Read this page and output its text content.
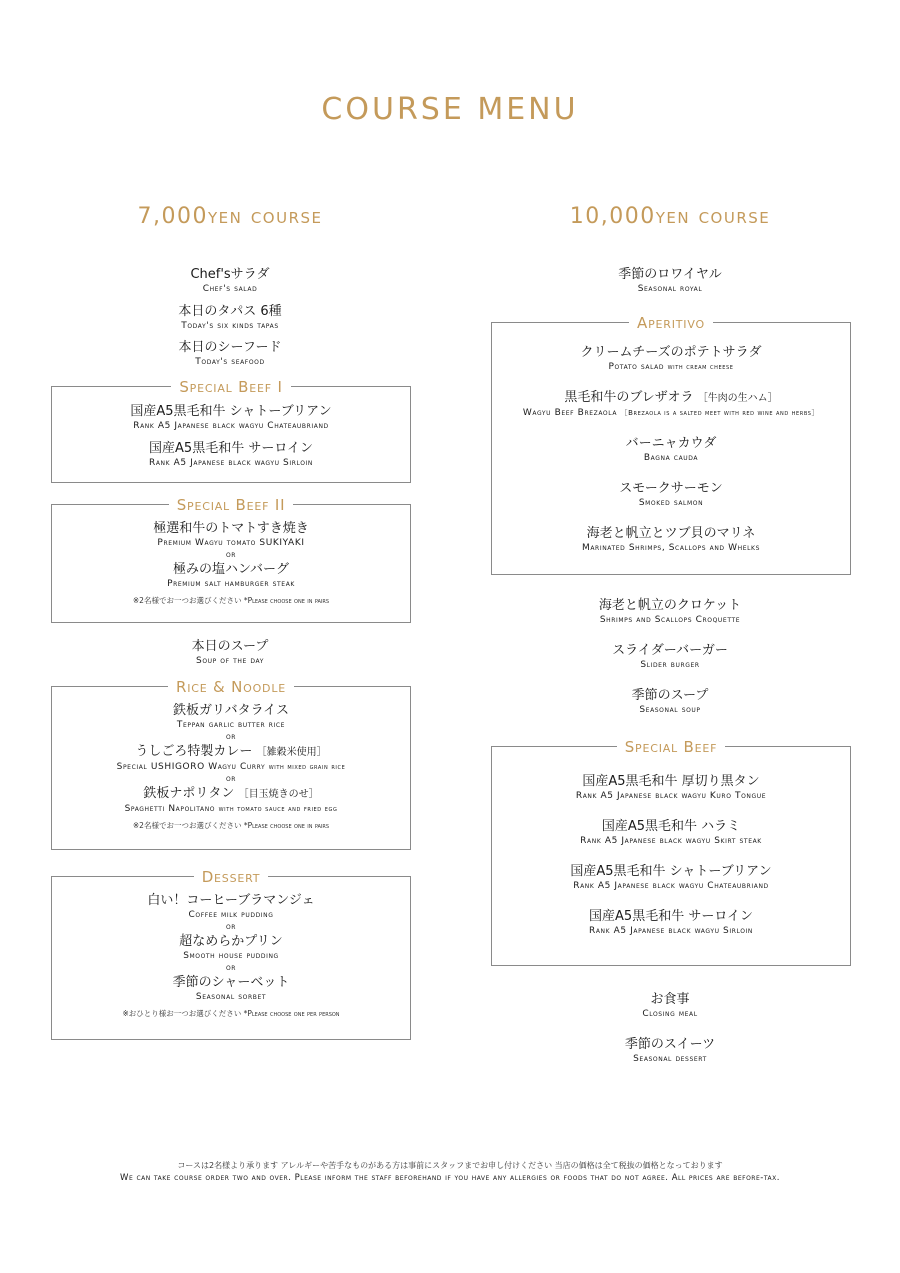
COURSE MENU
7,000yen course
Chef'sサラダ
Chef's salad
本日のタパス 6種
Today's six kinds tapas
本日のシーフード
Today's seafood
Special Beef I
国産A5黒毛和牛 シャトーブリアン
Rank A5 Japanese black wagyu Chateaubriand
国産A5黒毛和牛 サーロイン
Rank A5 Japanese black wagyu Sirloin
Special Beef II
極選和牛のトマトすき焼き
Premium Wagyu tomato SUKIYAKI
or
極みの塩ハンバーグ
Premium salt hamburger steak
※2名様でお一つお選びください *Please choose one in pairs
本日のスープ
Soup of the day
Rice & Noodle
鉄板ガリバタライス
Teppan garlic butter rice
or
うしごろ特製カレー ［雑穀米使用］
Special USHIGORO Wagyu Curry with mixed grain rice
or
鉄板ナポリタン ［目玉焼きのせ］
Spaghetti Napolitano with tomato sauce and fried egg
※2名様でお一つお選びください *Please choose one in pairs
Dessert
白い！コーヒーブラマンジェ
Coffee milk pudding
or
超なめらかプリン
Smooth house pudding
or
季節のシャーベット
Seasonal sorbet
※おひとり様お一つお選びください *Please choose one per person
10,000yen course
季節のロワイヤル
Seasonal royal
Aperitivo
クリームチーズのポテトサラダ
Potato salad with cream cheese
黒毛和牛のブレザオラ ［牛肉の生ハム］
Wagyu Beef Brezaola ［Brezaola is a salted meet with red wine and herbs］
バーニャカウダ
Bagna cauda
スモークサーモン
Smoked salmon
海老と帆立とツブ貝のマリネ
Marinated Shrimps, Scallops and Whelks
海老と帆立のクロケット
Shrimps and Scallops Croquette
スライダーバーガー
Slider burger
季節のスープ
Seasonal soup
Special Beef
国産A5黒毛和牛 厚切り黒タン
Rank A5 Japanese black wagyu Kuro Tongue
国産A5黒毛和牛 ハラミ
Rank A5 Japanese black wagyu Skirt steak
国産A5黒毛和牛 シャトーブリアン
Rank A5 Japanese black wagyu Chateaubriand
国産A5黒毛和牛 サーロイン
Rank A5 Japanese black wagyu Sirloin
お食事
Closing meal
季節のスイーツ
Seasonal dessert
コースは2名様より承ります アレルギーや苦手なものがある方は事前にスタッフまでお申し付けください 当店の価格は全て税抜の価格となっております
We can take course order two and over. Please inform the staff beforehand if you have any allergies or foods that do not agree. All prices are before-tax.
